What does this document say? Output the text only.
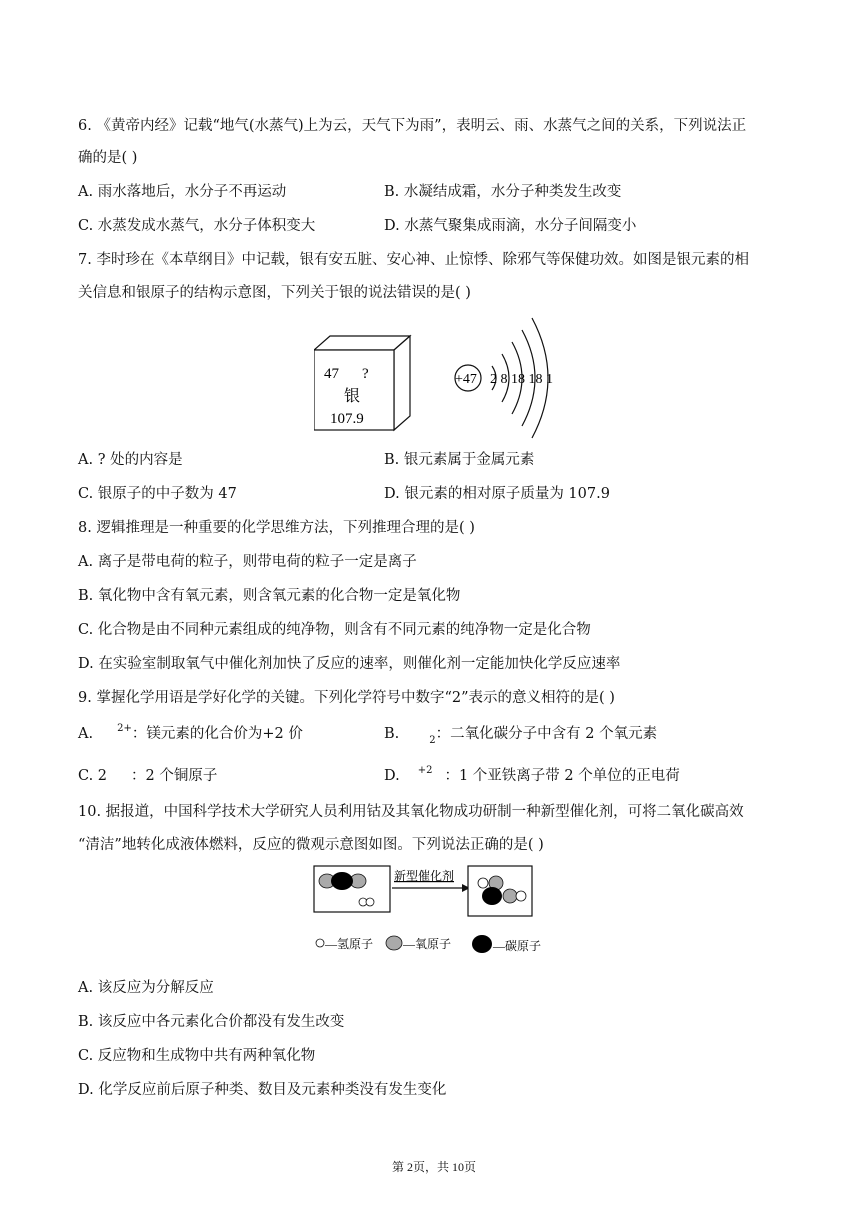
6. 《黄帝内经》记载“地气(水蒸气)上为云，天气下为雨”，表明云、雨、水蒸气之间的关系，下列说法正
确的是( )
A. 雨水落地后，水分子不再运动	B. 水凝结成霜，水分子种类发生改变
C. 水蒸发成水蒸气，水分子体积变大	D. 水蒸气聚集成雨滴，水分子间隔变小
7. 李时珍在《本草纲目》中记载，银有安五脏、安心神、止惊悸、除邪气等保健功效。如图是银元素的相
关信息和银原子的结构示意图，下列关于银的说法错误的是( )
47 ?
银
107.9
+47 2 8 18 18 1
A. ? 处的内容是	B. 银元素属于金属元素
C. 银原子的中子数为 47	D. 银元素的相对原子质量为 107.9
8. 逻辑推理是一种重要的化学思维方法，下列推理合理的是( )
A. 离子是带电荷的粒子，则带电荷的粒子一定是离子
B. 氧化物中含有氧元素，则含氧元素的化合物一定是氧化物
C. 化合物是由不同种元素组成的纯净物，则含有不同元素的纯净物一定是化合物
D. 在实验室制取氧气中催化剂加快了反应的速率，则催化剂一定能加快化学反应速率
9. 掌握化学用语是学好化学的关键。下列化学符号中数字“2”表示的意义相符的是( )
A. $^{2+}$：镁元素的化合价为+2 价	B.	$_2$：二氧化碳分子中含有 2 个氧元素
C. 2 ：2 个铜原子	D. $^{+2}$ ：1 个亚铁离子带 2 个单位的正电荷
10. 据报道，中国科学技术大学研究人员利用钴及其氧化物成功研制一种新型催化剂，可将二氧化碳高效
“清洁”地转化成液体燃料，反应的微观示意图如图。下列说法正确的是( )
新型催化剂
—氢原子 —氧原子	—碳原子
A. 该反应为分解反应
B. 该反应中各元素化合价都没有发生改变
C. 反应物和生成物中共有两种氧化物
D. 化学反应前后原子种类、数目及元素种类没有发生变化
第 2页，共 10页
